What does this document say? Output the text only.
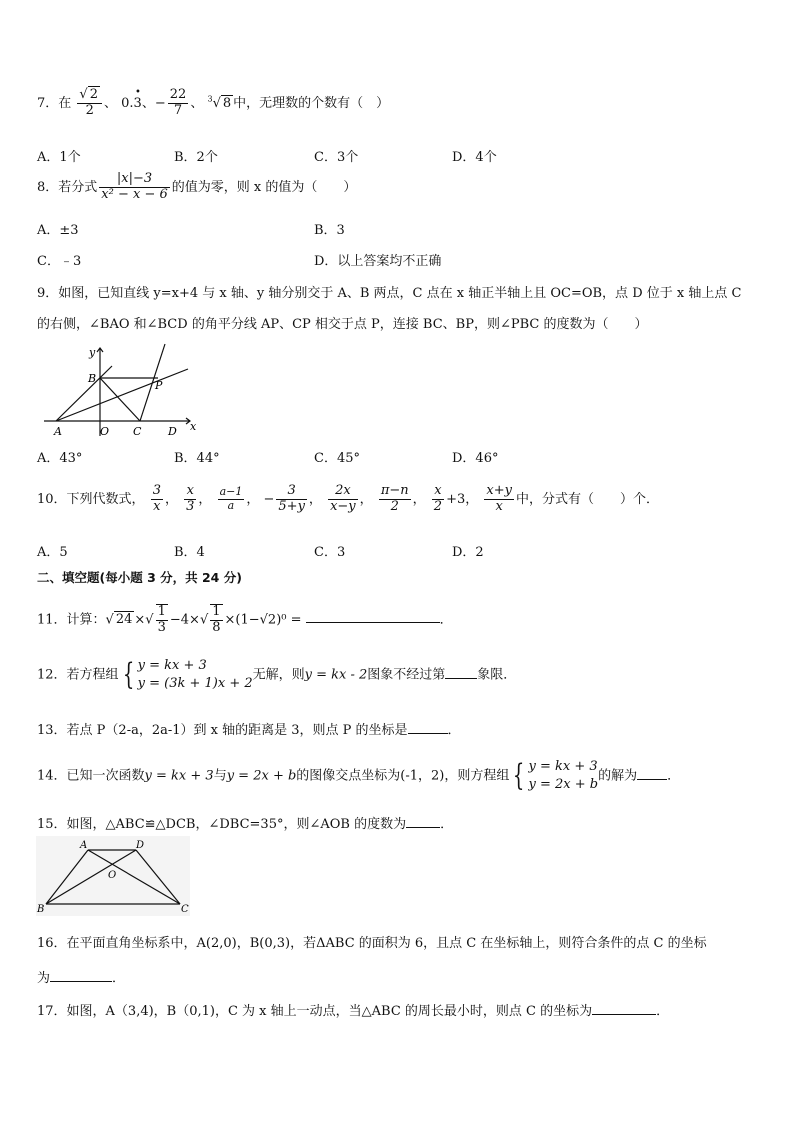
7．在 $\frac{√ 2}{2}$ 、 0.3
•
、− $\frac{22}{7}$ 、 $^3$√ 8 中，无理数的个数有（　）
A．1个	B．2个	C．3个	D．4个
8．若分式 $\frac{|x|-3}{\text{x² − x − 6}}$ 的值为零，则 x 的值为（　　）
A．±3	B．3
C．﹣3	D．以上答案均不正确
9．如图，已知直线 y=x+4 与 x 轴、y 轴分别交于 A、B 两点，C 点在 x 轴正半轴上且 OC=OB，点 D 位于 x 轴上点 C
的右侧，∠BAO 和∠BCD 的角平分线 AP、CP 相交于点 P，连接 BC、BP，则∠PBC 的度数为（　　）
y
x
B
P
A	O C D
A．43°	B．44°	C．45°	D．46°
10．下列代数式， $\frac{3}{x}$ ， $\frac{x}{3}$ ， $\frac{a-1}{a}$ ， − $\frac{3}{5+y}$ ， $\frac{2x}{x-y}$ ， $\frac{\pi-n}{2}$ ， $\frac{x}{2} +3$， $\frac{x+y}{x}$ 中，分式有（　　）个．
A．5	B．4	C．3	D．2
二、填空题(每小题 3 分，共 24 分)
11．计算：√ 24 ×√ $\frac{1}{3} -4\times√ \frac{1}{8} \times(1-√2)^0$ =	．
12．若方程组 { y = kx + 3
y = (3k + 1)x + 2
无解，则y = kx - 2图象不经过第 象限．
13．若点 P（2-a，2a-1）到 x 轴的距离是 3，则点 P 的坐标是	．
14．已知一次函数y = kx + 3与y = 2x + b的图像交点坐标为(-1，2)，则方程组 { y = kx + 3
y = 2x + b
的解为 ．
15．如图，△ABC≌△DCB，∠DBC=35°，则∠AOB 的度数为	．
A	D
O
B	C
16．在平面直角坐标系中，A(2,0)，B(0,3)，若ΔABC 的面积为 6，且点 C 在坐标轴上，则符合条件的点 C 的坐标
为	．
17．如图，A（3,4)，B（0,1)，C 为 x 轴上一动点，当△ABC 的周长最小时，则点 C 的坐标为	．
